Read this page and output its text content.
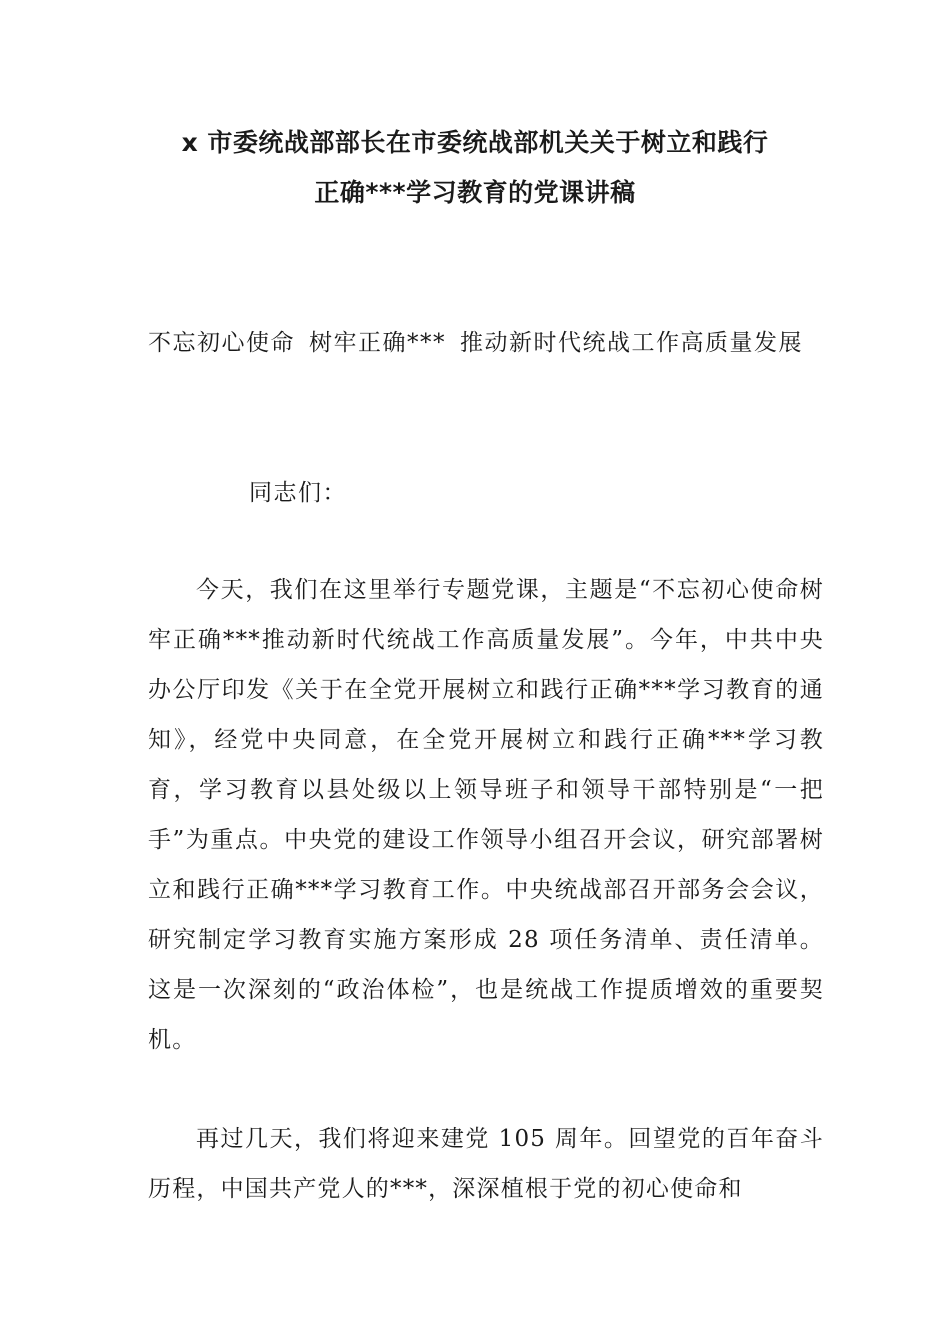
x 市委统战部部长在市委统战部机关关于树立和践行
正确***学习教育的党课讲稿

不忘初心使命 树牢正确*** 推动新时代统战工作高质量发展

同志们：

今天，我们在这里举行专题党课，主题是“不忘初心使命树牢正确***推动新时代统战工作高质量发展”。今年，中共中央办公厅印发《关于在全党开展树立和践行正确***学习教育的通知》，经党中央同意，在全党开展树立和践行正确***学习教育，学习教育以县处级以上领导班子和领导干部特别是“一把手”为重点。中央党的建设工作领导小组召开会议，研究部署树立和践行正确***学习教育工作。中央统战部召开部务会会议，研究制定学习教育实施方案形成 28 项任务清单、责任清单。这是一次深刻的“政治体检”，也是统战工作提质增效的重要契机。

再过几天，我们将迎来建党 105 周年。回望党的百年奋斗历程，中国共产党人的***，深深植根于党的初心使命和
